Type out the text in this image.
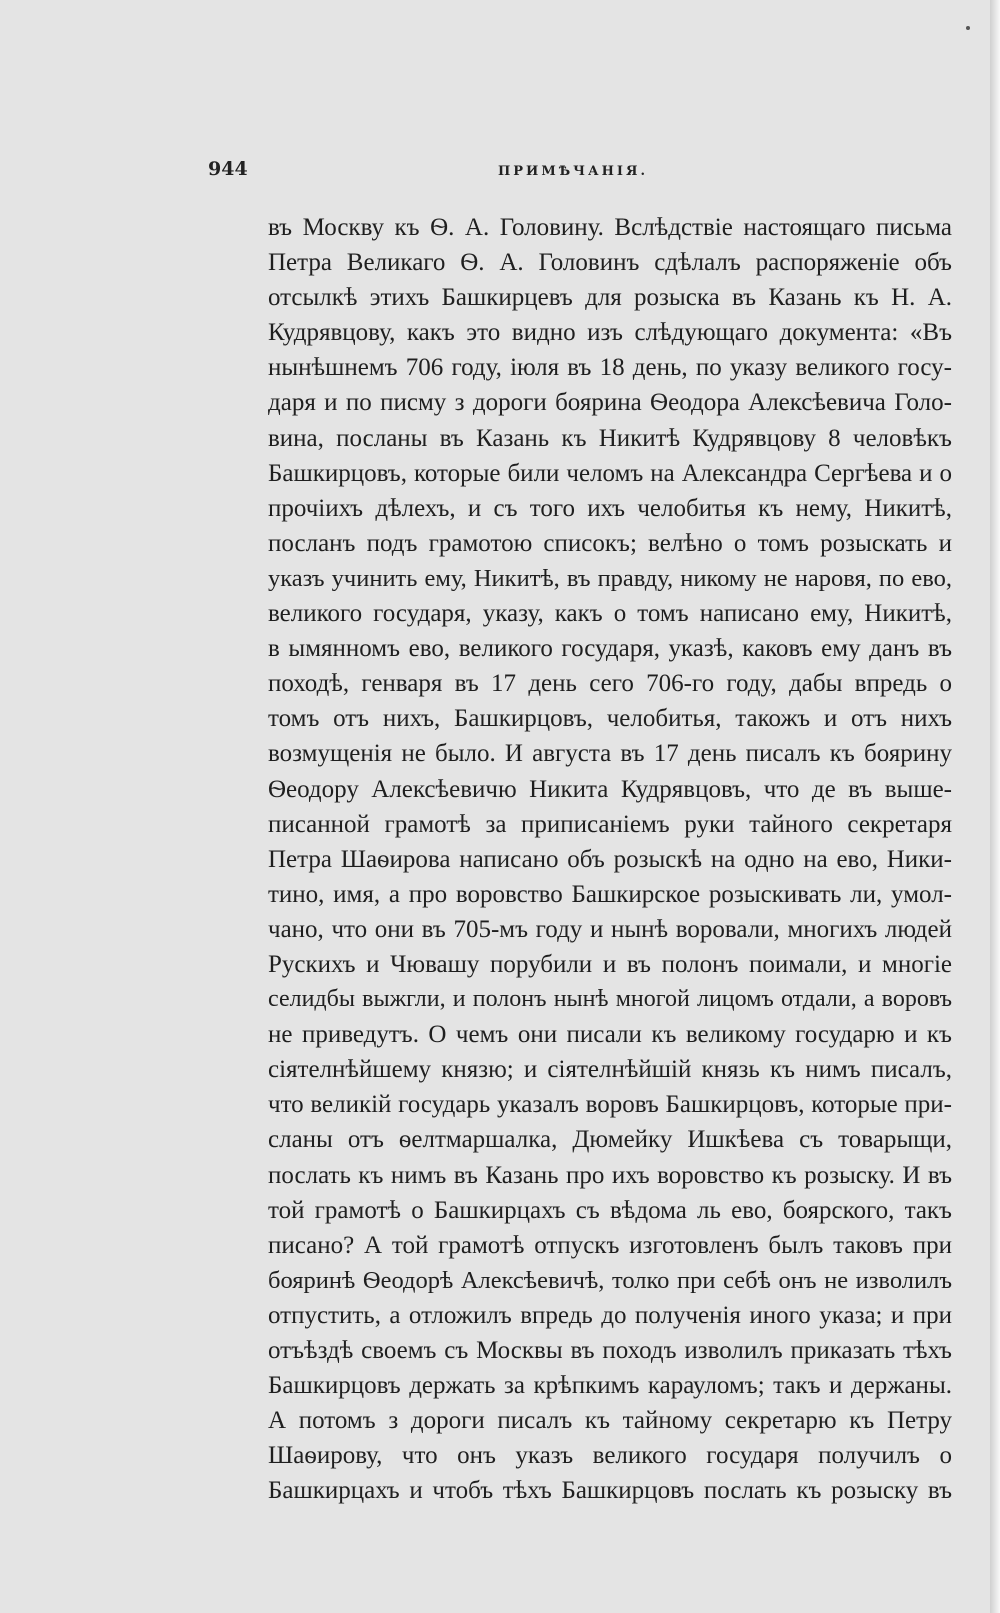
944	ПРИМѢЧАНІЯ.
въ Москву къ Ѳ. А. Головину. Вслѣдствіе настоящаго письма
Петра Великаго Ѳ. А. Головинъ сдѣлалъ распоряженіе объ
отсылкѣ этихъ Башкирцевъ для розыска въ Казань къ Н. А.
Кудрявцову, какъ это видно изъ слѣдующаго документа: «Въ
нынѣшнемъ 706 году, іюля въ 18 день, по указу великого госу-
даря и по писму з дороги боярина Ѳеодора Алексѣевича Голо-
вина, посланы въ Казань къ Никитѣ Кудрявцову 8 человѣкъ
Башкирцовъ, которые били челомъ на Александра Сергѣева и о
прочіихъ дѣлехъ, и съ того ихъ челобитья къ нему, Никитѣ,
посланъ подъ грамотою списокъ; велѣно о томъ розыскать и
указъ учинить ему, Никитѣ, въ правду, никому не наровя, по ево,
великого государя, указу, какъ о томъ написано ему, Никитѣ,
в ымянномъ ево, великого государя, указѣ, каковъ ему данъ въ
походѣ, генваря въ 17 день сего 706-го году, дабы впредь о
томъ отъ нихъ, Башкирцовъ, челобитья, такожъ и отъ нихъ
возмущенія не было. И августа въ 17 день писалъ къ боярину
Ѳеодору Алексѣевичю Никита Кудрявцовъ, что де въ выше-
писанной грамотѣ за приписаніемъ руки тайного секретаря
Петра Шаѳирова написано объ розыскѣ на одно на ево, Ники-
тино, имя, а про воровство Башкирское розыскивать ли, умол-
чано, что они въ 705-мъ году и нынѣ воровали, многихъ людей
Рускихъ и Чювашу порубили и въ полонъ поимали, и многіе
селидбы выжгли, и полонъ нынѣ многой лицомъ отдали, а воровъ
не приведутъ. О чемъ они писали къ великому государю и къ
сіятелнѣйшему князю; и сіятелнѣйшій князь къ нимъ писалъ,
что великій государь указалъ воровъ Башкирцовъ, которые при-
сланы отъ ѳелтмаршалка, Дюмейку Ишкѣева съ товарыщи,
послать къ нимъ въ Казань про ихъ воровство къ розыску. И въ
той грамотѣ о Башкирцахъ съ вѣдома ль ево, боярского, такъ
писано? А той грамотѣ отпускъ изготовленъ былъ таковъ при
бояринѣ Ѳеодорѣ Алексѣевичѣ, толко при себѣ онъ не изволилъ
отпустить, а отложилъ впредь до полученія иного указа; и при
отъѣздѣ своемъ съ Москвы въ походъ изволилъ приказать тѣхъ
Башкирцовъ держать за крѣпкимъ карауломъ; такъ и держаны.
А потомъ з дороги писалъ къ тайному секретарю къ Петру
Шаѳирову, что онъ указъ великого государя получилъ о
Башкирцахъ и чтобъ тѣхъ Башкирцовъ послать къ розыску въ
